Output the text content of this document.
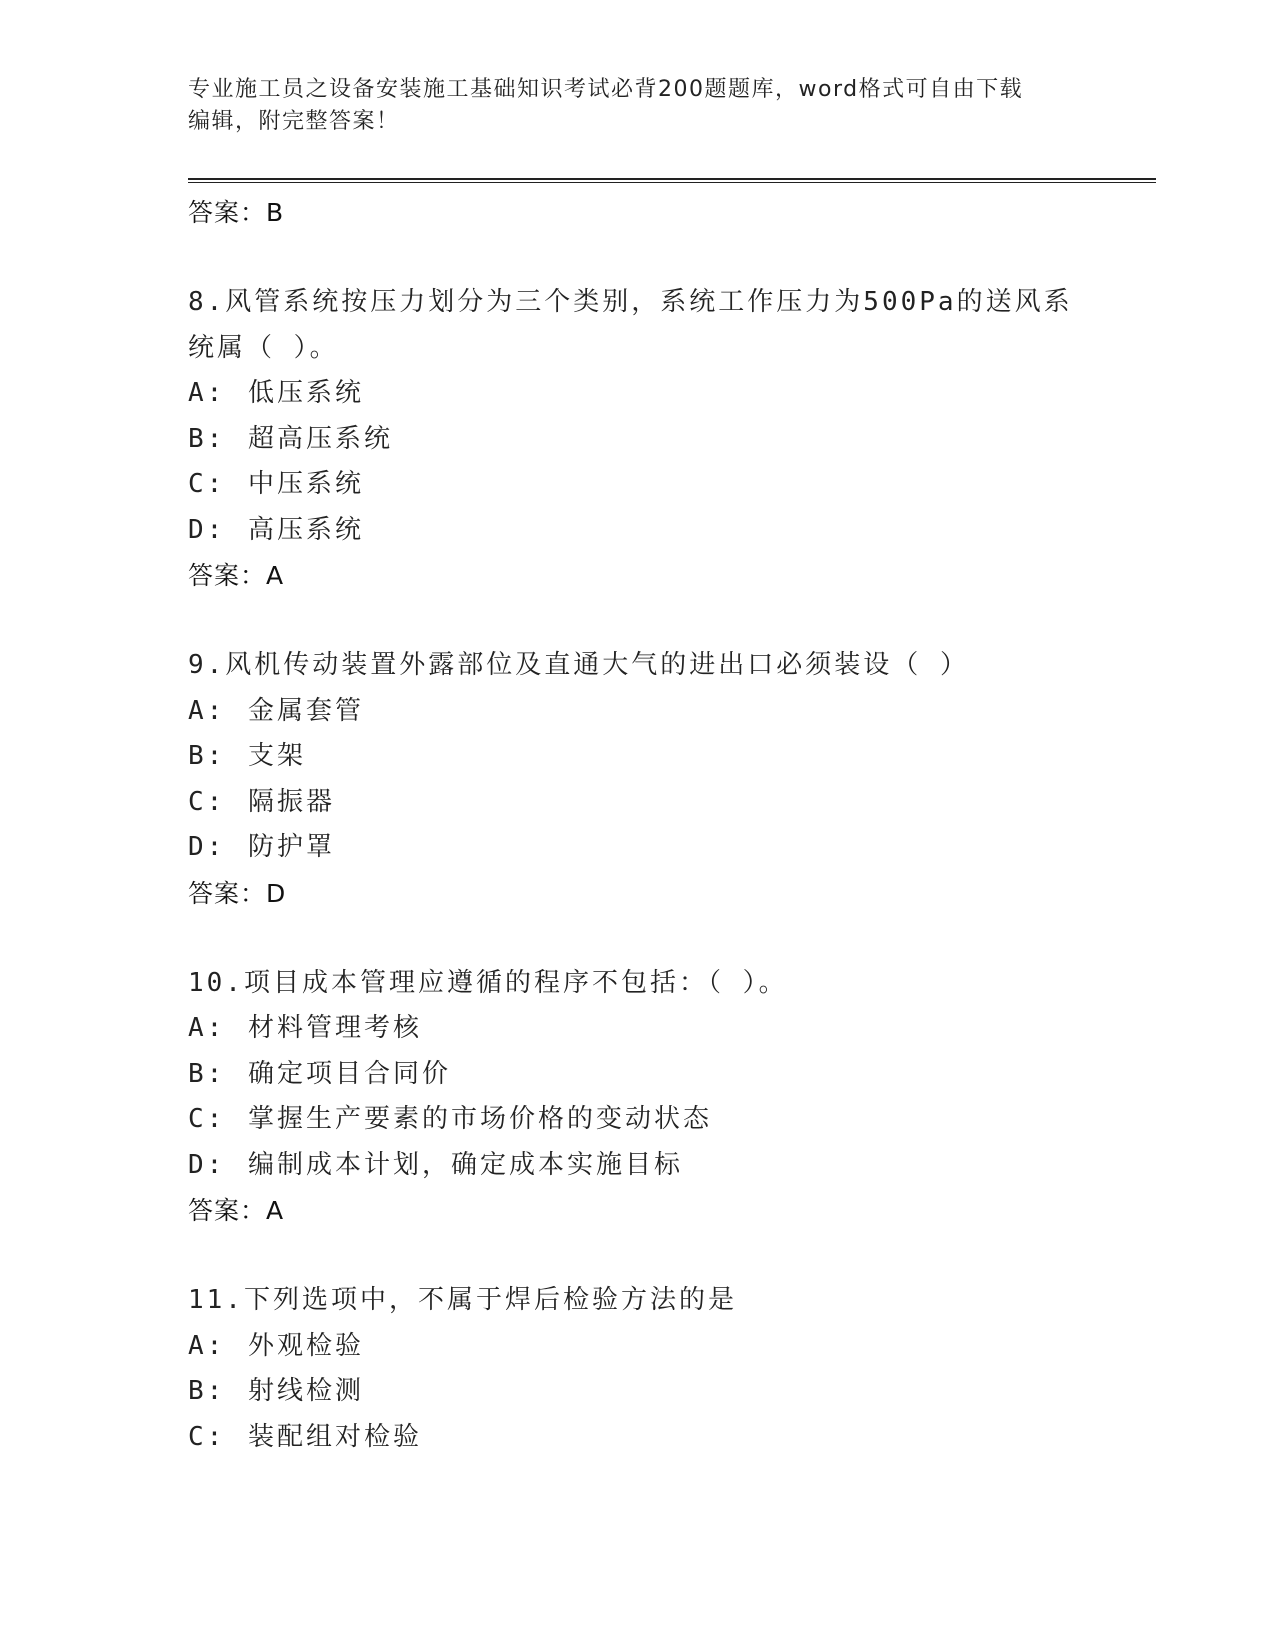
专业施工员之设备安装施工基础知识考试必背200题题库，word格式可自由下载
编辑，附完整答案！

答案：B

8.风管系统按压力划分为三个类别，系统工作压力为500Pa的送风系
统属（ ）。

A: 低压系统

B: 超高压系统

C: 中压系统

D: 高压系统

答案：A

9.风机传动装置外露部位及直通大气的进出口必须装设（ ）

A: 金属套管

B: 支架

C: 隔振器

D: 防护罩

答案：D

10.项目成本管理应遵循的程序不包括：（ ）。

A: 材料管理考核

B: 确定项目合同价

C: 掌握生产要素的市场价格的变动状态

D: 编制成本计划，确定成本实施目标

答案：A

11.下列选项中，不属于焊后检验方法的是

A: 外观检验

B: 射线检测

C: 装配组对检验
